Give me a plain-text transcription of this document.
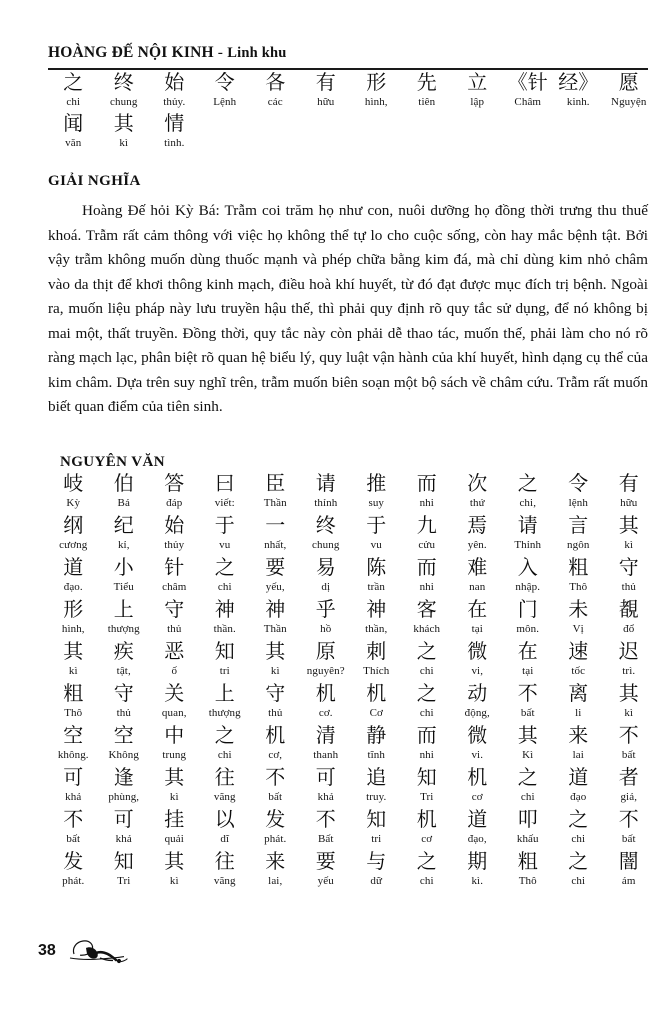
HOÀNG ĐẾ NỘI KINH - Linh khu
之
chi
终
chung
始
thủy.
令
Lệnh
各
các
有
hữu
形
hình,
先
tiên
立
lập
《针
Châm
经》
kinh.
愿
Nguyện
闻
văn
其
kì
情
tình.
GIẢI NGHĨA
Hoàng Đế hỏi Kỳ Bá: Trẫm coi trăm họ như con, nuôi dưỡng họ đồng thời trưng thu thuế khoá. Trẫm rất cảm thông với việc họ không thể tự lo cho cuộc sống, còn hay mắc bệnh tật. Bởi vậy trẫm không muốn dùng thuốc mạnh và phép chữa bằng kim đá, mà chỉ dùng kim nhỏ châm vào da thịt để khơi thông kinh mạch, điều hoà khí huyết, từ đó đạt được mục đích trị bệnh. Ngoài ra, muốn liệu pháp này lưu truyền hậu thế, thì phải quy định rõ quy tắc sử dụng, để nó không bị mai một, thất truyền. Đồng thời, quy tắc này còn phải dễ thao tác, muốn thế, phải làm cho nó rõ ràng mạch lạc, phân biệt rõ quan hệ biểu lý, quy luật vận hành của khí huyết, hình dạng cụ thể của kim châm. Dựa trên suy nghĩ trên, trẫm muốn biên soạn một bộ sách về châm cứu. Trẫm rất muốn biết quan điểm của tiên sinh.
NGUYÊN VĂN
岐
Kỳ
伯
Bá
答
đáp
曰
viết:
臣
Thần
请
thỉnh
推
suy
而
nhi
次
thứ
之
chi,
令
lệnh
有
hữu
纲
cương
纪
kỉ,
始
thủy
于
vu
一
nhất,
终
chung
于
vu
九
cửu
焉
yên.
请
Thỉnh
言
ngôn
其
kì
道
đạo.
小
Tiểu
针
châm
之
chi
要
yếu,
易
dị
陈
trần
而
nhi
难
nan
入
nhập.
粗
Thô
守
thủ
形
hình,
上
thượng
守
thủ
神
thần.
神
Thần
乎
hồ
神
thần,
客
khách
在
tại
门
môn.
未
Vị
覩
đổ
其
kì
疾
tật,
恶
ố
知
tri
其
kì
原
nguyên?
刺
Thích
之
chi
微
vi,
在
tại
速
tốc
迟
trì.
粗
Thô
守
thủ
关
quan,
上
thượng
守
thủ
机
cơ.
机
Cơ
之
chi
动
động,
不
bất
离
li
其
kì
空
không.
空
Không
中
trung
之
chi
机
cơ,
清
thanh
静
tĩnh
而
nhi
微
vi.
其
Kì
来
lai
不
bất
可
khả
逢
phùng,
其
kì
往
vãng
不
bất
可
khả
追
truy.
知
Tri
机
cơ
之
chi
道
đạo
者
giả,
不
bất
可
khả
挂
quải
以
dĩ
发
phát.
不
Bất
知
tri
机
cơ
道
đạo,
叩
khấu
之
chi
不
bất
发
phát.
知
Tri
其
kì
往
vãng
来
lai,
要
yếu
与
dữ
之
chi
期
kì.
粗
Thô
之
chi
闇
ám
38
